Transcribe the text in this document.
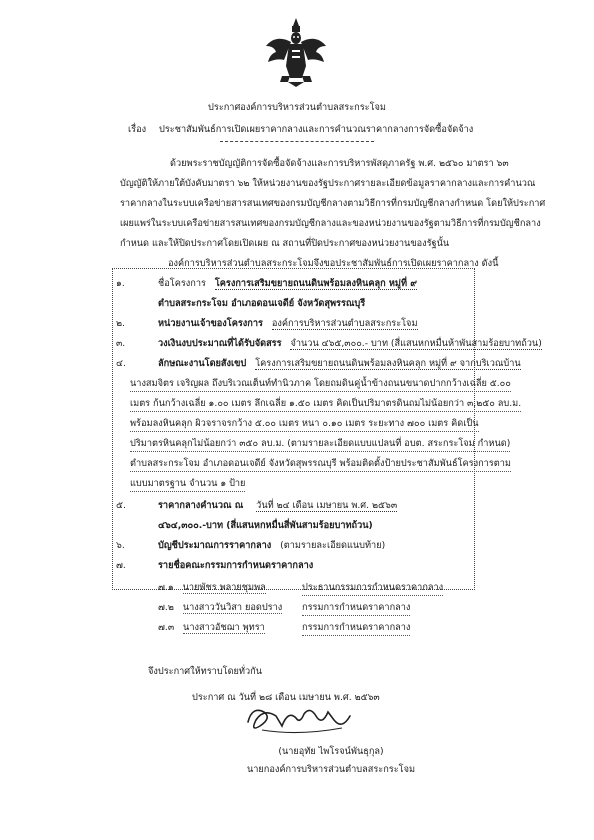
ประกาศองค์การบริหารส่วนตำบลสระกระโจม
เรื่อง ประชาสัมพันธ์การเปิดเผยราคากลางและการคำนวณราคากลางการจัดซื้อจัดจ้าง
ด้วยพระราชบัญญัติการจัดซื้อจัดจ้างและการบริหารพัสดุภาครัฐ พ.ศ. ๒๕๖๐ มาตรา ๖๓
บัญญัติให้ภายใต้บังคับมาตรา ๖๒ ให้หน่วยงานของรัฐประกาศรายละเอียดข้อมูลราคากลางและการคำนวณ
ราคากลางในระบบเครือข่ายสารสนเทศของกรมบัญชีกลางตามวิธีการที่กรมบัญชีกลางกำหนด โดยให้ประกาศ
เผยแพร่ในระบบเครือข่ายสารสนเทศของกรมบัญชีกลางและของหน่วยงานของรัฐตามวิธีการที่กรมบัญชีกลาง
กำหนด และให้ปิดประกาศโดยเปิดเผย ณ สถานที่ปิดประกาศของหน่วยงานของรัฐนั้น
องค์การบริหารส่วนตำบลสระกระโจมจึงขอประชาสัมพันธ์การเปิดเผยราคากลาง ดังนี้
๑.	ชื่อโครงการ โครงการเสริมขยายถนนดินพร้อมลงหินคลุก หมู่ที่ ๙
ตำบลสระกระโจม อำเภอดอนเจดีย์ จังหวัดสุพรรณบุรี
๒.	หน่วยงานเจ้าของโครงการ องค์การบริหารส่วนตำบลสระกระโจม
๓.	วงเงินงบประมาณที่ได้รับจัดสรร จำนวน ๔๖๕,๓๐๐.- บาท (สี่แสนหกหมื่นห้าพันสามร้อยบาทถ้วน)
๔.	ลักษณะงานโดยสังเขป โครงการเสริมขยายถนนดินพร้อมลงหินคลุก หมู่ที่ ๙ จากบริเวณบ้าน
นางสมจิตร เจริญผล ถึงบริเวณเต็นท์ทำนิวภาค โดยถมดินคู่น้ำข้างถนนขนาดปากกว้างเฉลี่ย ๕.๐๐
เมตร ก้นกว้างเฉลี่ย ๑.๐๐ เมตร ลึกเฉลี่ย ๑.๕๐ เมตร คิดเป็นปริมาตรดินถมไม่น้อยกว่า ๓,๒๕๐ ลบ.ม.
พร้อมลงหินคลุก ผิวจราจรกว้าง ๕.๐๐ เมตร หนา ๐.๑๐ เมตร ระยะทาง ๗๐๐ เมตร คิดเป็น
ปริมาตรหินคลุกไม่น้อยกว่า ๓๕๐ ลบ.ม. (ตามรายละเอียดแบบแปลนที่ อบต. สระกระโจม กำหนด)
ตำบลสระกระโจม อำเภอดอนเจดีย์ จังหวัดสุพรรณบุรี พร้อมติดตั้งป้ายประชาสัมพันธ์โครงการตาม
แบบมาตรฐาน จำนวน ๑ ป้าย
๕.	ราคากลางคำนวณ ณ วันที่ ๒๔ เดือน เมษายน พ.ศ. ๒๕๖๓
๔๖๔,๓๐๐.-บาท (สี่แสนหกหมื่นสี่พันสามร้อยบาทถ้วน)
๖.	บัญชีประมาณการราคากลาง (ตามรายละเอียดแนบท้าย)
๗.	รายชื่อคณะกรรมการกำหนดราคากลาง
๗.๑ นายพัชร พลายชุมพล	ประธานกรรมการกำหนดราคากลาง
๗.๒ นางสาววันวิสา ยอดปราง กรรมการกำหนดราคากลาง
๗.๓ นางสาวอัชฌา พุทรา	กรรมการกำหนดราคากลาง
จึงประกาศให้ทราบโดยทั่วกัน
ประกาศ ณ วันที่ ๒๘ เดือน เมษายน พ.ศ. ๒๕๖๓
(นายอุทัย ไพโรจน์พันธุกุล)
นายกองค์การบริหารส่วนตำบลสระกระโจม
